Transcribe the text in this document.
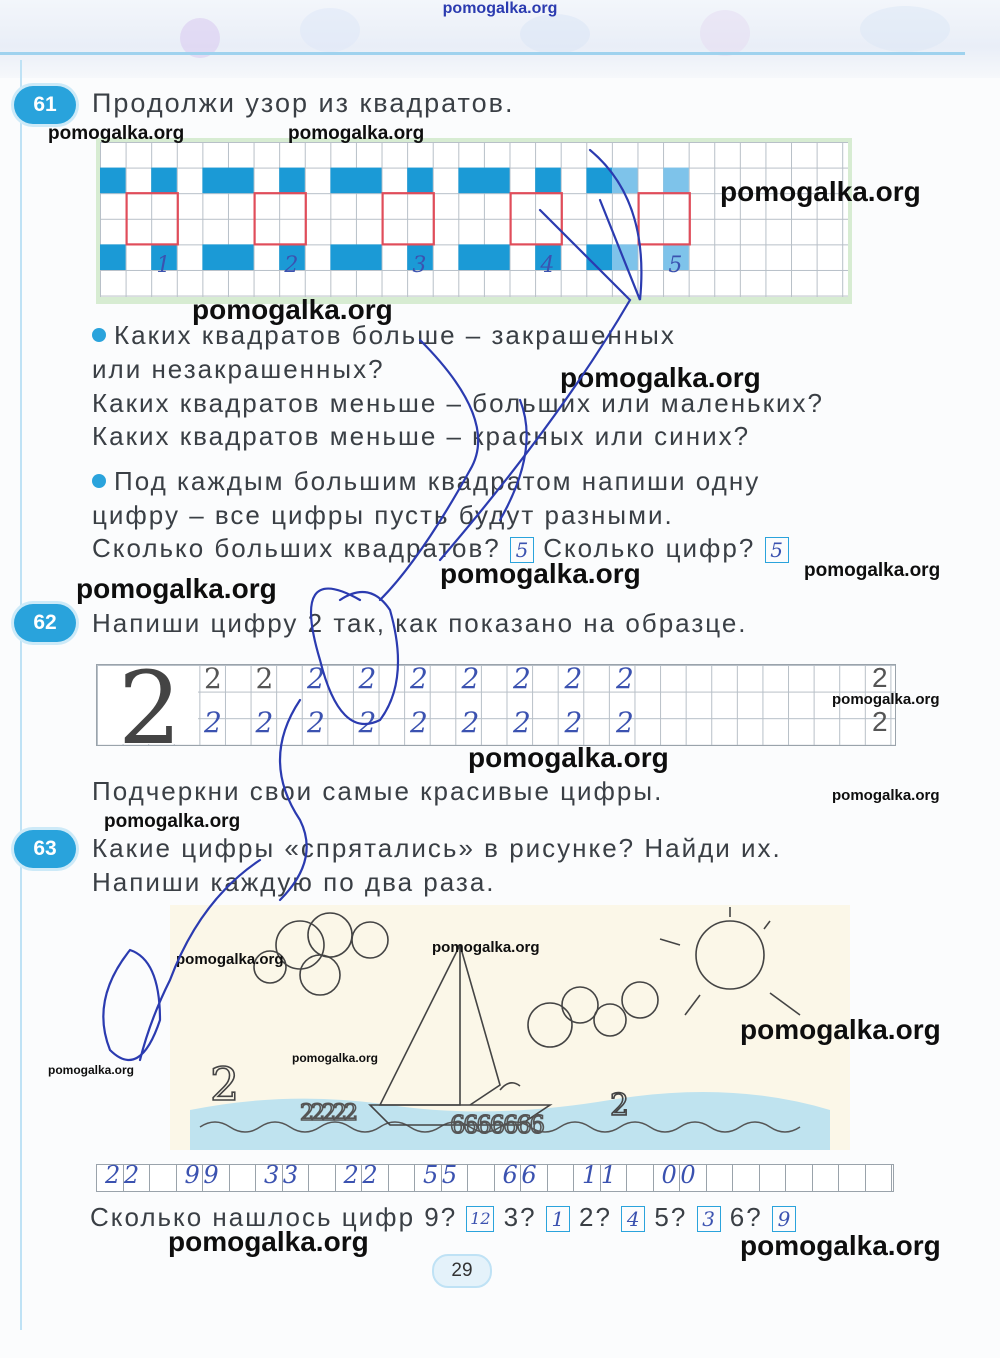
pomogalka.org
61	Продолжи узор из квадратов.
1	2	3	4	5
Каких квадратов больше – закрашенных
или незакрашенных?
Каких квадратов меньше – больших или маленьких?
Каких квадратов меньше – красных или синих?
Под каждым большим квадратом напиши одну
цифру – все цифры пусть будут разными.
Сколько больших квадратов? 5 Сколько цифр? 5
62	Напиши цифру 2 так, как показано на образце.
2 2 2 2 2 2 2 2 2 2	2
2 2 2 2 2 2 2 2 2	2
Подчеркни свои самые красивые цифры.
63	Какие цифры «спрятались» в рисунке? Найди их.
Напиши каждую по два раза.
2	2
6666666
22222
2 2 9 9 3 3 2 2 5 5 6 6 1 1 0 0
Сколько нашлось цифр 9? 12 3? 1 2? 4 5? 3 6? 9
29
pomogalka.org	pomogalka.org
pomogalka.org
pomogalka.org
pomogalka.org
pomogalka.org	pomogalka.org
pomogalka.org
pomogalka.org
pomogalka.org
pomogalka.org
pomogalka.org
pomogalka.org
pomogalka.org
pomogalka.org
pomogalka.org
pomogalka.org
pomogalka.org	pomogalka.org
